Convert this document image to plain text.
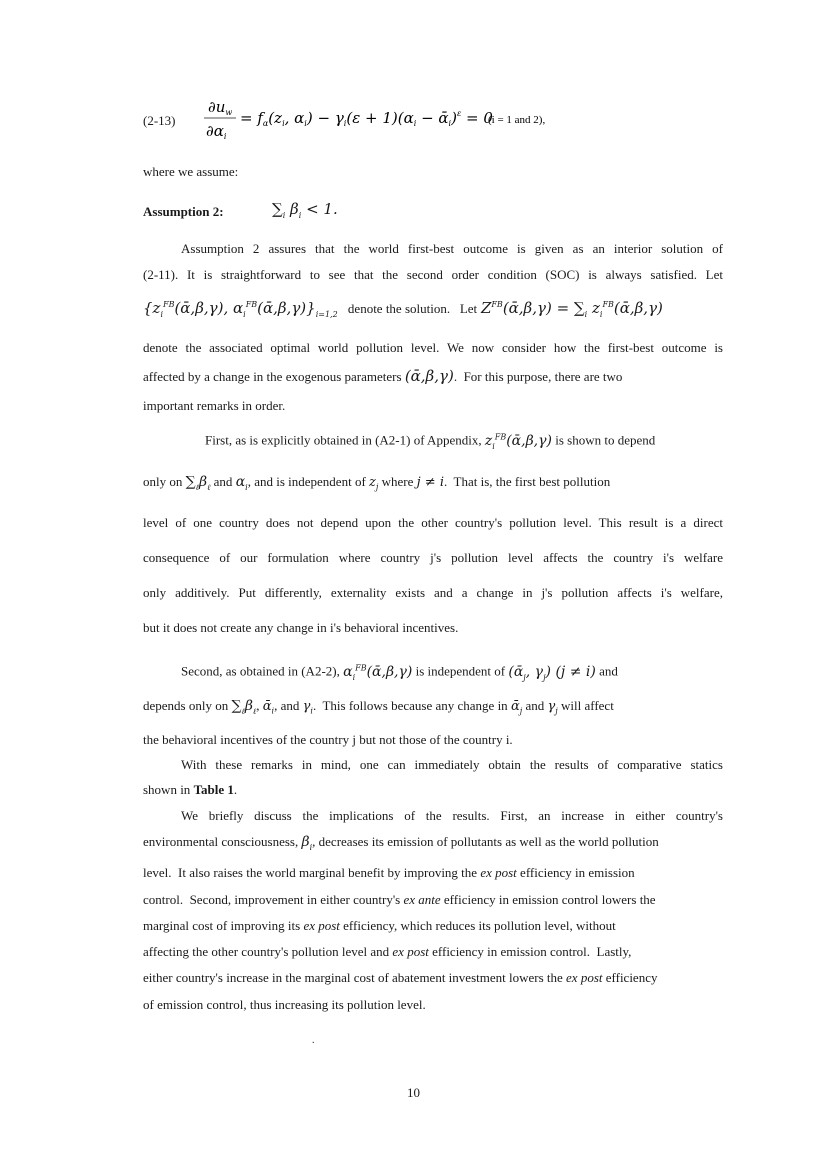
(2-13)
$\partial u_w$
$\partial\alpha_i$
= $f_\alpha(z_i$, $\alpha_i) - \gamma_i(\varepsilon + 1)(\alpha_i$ − ᾱ$_i$)$^\varepsilon$ = 0
(i = 1 and 2),
where we assume:
Assumption 2:	$\sum_i$ $\beta_i < 1$.
Assumption 2 assures that the world first-best outcome is given as an interior solution of
(2-11). It is straightforward to see that the second order condition (SOC) is always satisfied. Let
{$z_i^{FB}(ᾱ,\beta,\gamma)$, $\alpha_i^{FB}(ᾱ,\beta,\gamma)\}_{i=1,2}$   denote the solution.   Let $Z^{FB}(ᾱ,\beta,\gamma) = \sum_i$ $z_i^{FB}(ᾱ,\beta,\gamma)$
denote the associated optimal world pollution level. We now consider how the first-best outcome is
affected by a change in the exogenous parameters (ᾱ,β,γ).  For this purpose, there are two
important remarks in order.
First, as is explicitly obtained in (A2-1) of Appendix, $z_i^{FB}(ᾱ,\beta,\gamma)$ is shown to depend
only on $\sum_\ell\beta_\ell$ and $\alpha_i$, and is independent of $z_j$ where j ≠ i.  That is, the first best pollution
level of one country does not depend upon the other country's pollution level. This result is a direct
consequence of our formulation where country j's pollution level affects the country i's welfare
only additively. Put differently, externality exists and a change in j's pollution affects i's welfare,
but it does not create any change in i's behavioral incentives.
Second, as obtained in (A2-2), $\alpha_i^{FB}(ᾱ,\beta,\gamma)$ is independent of (ᾱ$_j$, $\gamma_j$) (j ≠ i) and
depends only on $\sum_\ell\beta_\ell$, ᾱ$_i$, and $\gamma_i$.  This follows because any change in ᾱ$_j$ and $\gamma_j$ will affect
the behavioral incentives of the country j but not those of the country i.
With these remarks in mind, one can immediately obtain the results of comparative statics
shown in Table 1.
We briefly discuss the implications of the results. First, an increase in either country's
environmental consciousness, $\beta_i$, decreases its emission of pollutants as well as the world pollution
level.  It also raises the world marginal benefit by improving the ex post efficiency in emission
control.  Second, improvement in either country's ex ante efficiency in emission control lowers the
marginal cost of improving its ex post efficiency, which reduces its pollution level, without
affecting the other country's pollution level and ex post efficiency in emission control.  Lastly,
either country's increase in the marginal cost of abatement investment lowers the ex post efficiency
of emission control, thus increasing its pollution level.
.
10
